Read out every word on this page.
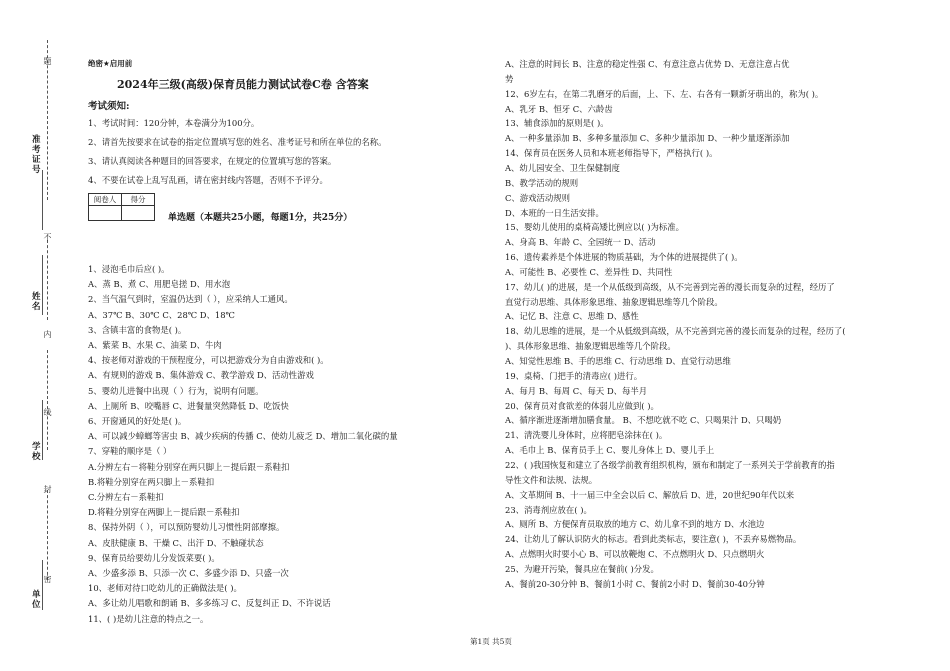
题
不
内
线
封
密
准考证号
姓名
学校
单位
绝密★启用前
2024年三级(高级)保育员能力测试试卷C卷 含答案
考试须知:
1、考试时间：120分钟，本卷满分为100分。
2、请首先按要求在试卷的指定位置填写您的姓名、准考证号和所在单位的名称。
3、请认真阅读各种题目的回答要求，在规定的位置填写您的答案。
4、不要在试卷上乱写乱画，请在密封线内答题，否则不予评分。
阅卷人	得分

单选题（本题共25小题，每题1分，共25分）
1、浸泡毛巾后应( )。
A、蒸 B、煮 C、用肥皂搓 D、用水泡
2、当气温气到时，室温仍达到（ ），应采纳人工通风。
A、37℃ B、30℃ C、28℃ D、18℃
3、含镇丰富的食物是( )。
A、紫菜 B、水果 C、油菜 D、牛肉
4、按老师对游戏的干预程度分，可以把游戏分为自由游戏和( )。
A、有规则的游戏 B、集体游戏 C、教学游戏 D、活动性游戏
5、婴幼儿进餐中出现（ ）行为，说明有问题。
A、上厕所 B、咬嘴唇 C、进餐量突然降低 D、吃饭快
6、开窗通风的好处是( )。
A、可以减少蟑螂等害虫 B、减少疾病的传播 C、使幼儿疲乏 D、增加二氧化碳的量
7、穿鞋的顺序是（ ）
A.分辨左右－将鞋分别穿在两只脚上－提后跟－系鞋扣
B.将鞋分别穿在两只脚上－系鞋扣
C.分辨左右－系鞋扣
D.将鞋分别穿在两脚上－提后跟－系鞋扣
8、保持外阴（ ），可以预防婴幼儿习惯性阴部摩擦。
A、皮肤健康 B、干燥 C、出汗 D、不触碰状态
9、保育员给要幼儿分发饭菜要( )。
A、少盛多添 B、只添一次 C、多盛少添 D、只盛一次
10、老师对待口吃幼儿的正确做法是( )。
A、多让幼儿唱歌和朗诵 B、多多练习 C、反复纠正 D、不许说话
11、( )是幼儿注意的特点之一。
A、注意的时间长 B、注意的稳定性强 C、有意注意占优势 D、无意注意占优
势
12、6岁左右，在第二乳磨牙的后面，上、下、左、右各有一颗新牙萌出的，称为( )。
A、乳牙 B、恒牙 C、六龄齿
13、辅食添加的原则是( )。
A、一种多量添加 B、多种多量添加 C、多种少量添加 D、一种少量逐渐添加
14、保育员在医务人员和本班老师指导下，严格执行( )。
A、幼儿园安全、卫生保健制度
B、教学活动的规则
C、游戏活动规则
D、本班的一日生活安排。
15、婴幼儿使用的桌椅高矮比例应以( )为标准。
A、身高 B、年龄 C、全园统一 D、活动
16、遗传素养是个体进展的物质基础，为个体的进展提供了( )。
A、可能性 B、必要性 C、差异性 D、共同性
17、幼儿( )的进展，是一个从低级到高级，从不完善到完善的漫长而复杂的过程，经历了
直觉行动思维、具体形象思维、抽象逻辑思维等几个阶段。
A、记忆 B、注意 C、思维 D、感性
18、幼儿思维的进展，是一个从低级到高级，从不完善到完善的漫长而复杂的过程，经历了(
)、具体形象思维、抽象逻辑思维等几个阶段。
A、知觉性思维 B、手的思维 C、行动思维 D、直觉行动思维
19、桌椅、门把手的清毒应( )进行。
A、每月 B、每周 C、每天 D、每半月
20、保育员对食欲差的体弱儿应做到( )。
A、循序渐进逐渐增加膳食量。 B、不想吃就不吃 C、只喝果汁 D、只喝奶
21、清洗婴儿身体时，应将肥皂涂抹在( )。
A、毛巾上 B、保育员手上 C、婴儿身体上 D、婴儿手上
22、( )我国恢复和建立了各级学前教育组织机构，颁布和制定了一系列关于学前教育的指
导性文件和法规、法规。
A、文革期间 B、十一届三中全会以后 C、解放后 D、进，20世纪90年代以来
23、消毒剂应放在( )。
A、厕所 B、方便保育员取放的地方 C、幼儿拿不到的地方 D、水池边
24、让幼儿了解认识防火的标志。看到此类标志，要注意( )，不丢弃易燃物品。
A、点燃明火时要小心 B、可以放鞭炮 C、不点燃明火 D、只点燃明火
25、为避开污染，餐具应在餐前( )分发。
A、餐前20-30分钟 B、餐前1小时 C、餐前2小时 D、餐前30-40分钟
第1页 共5页
